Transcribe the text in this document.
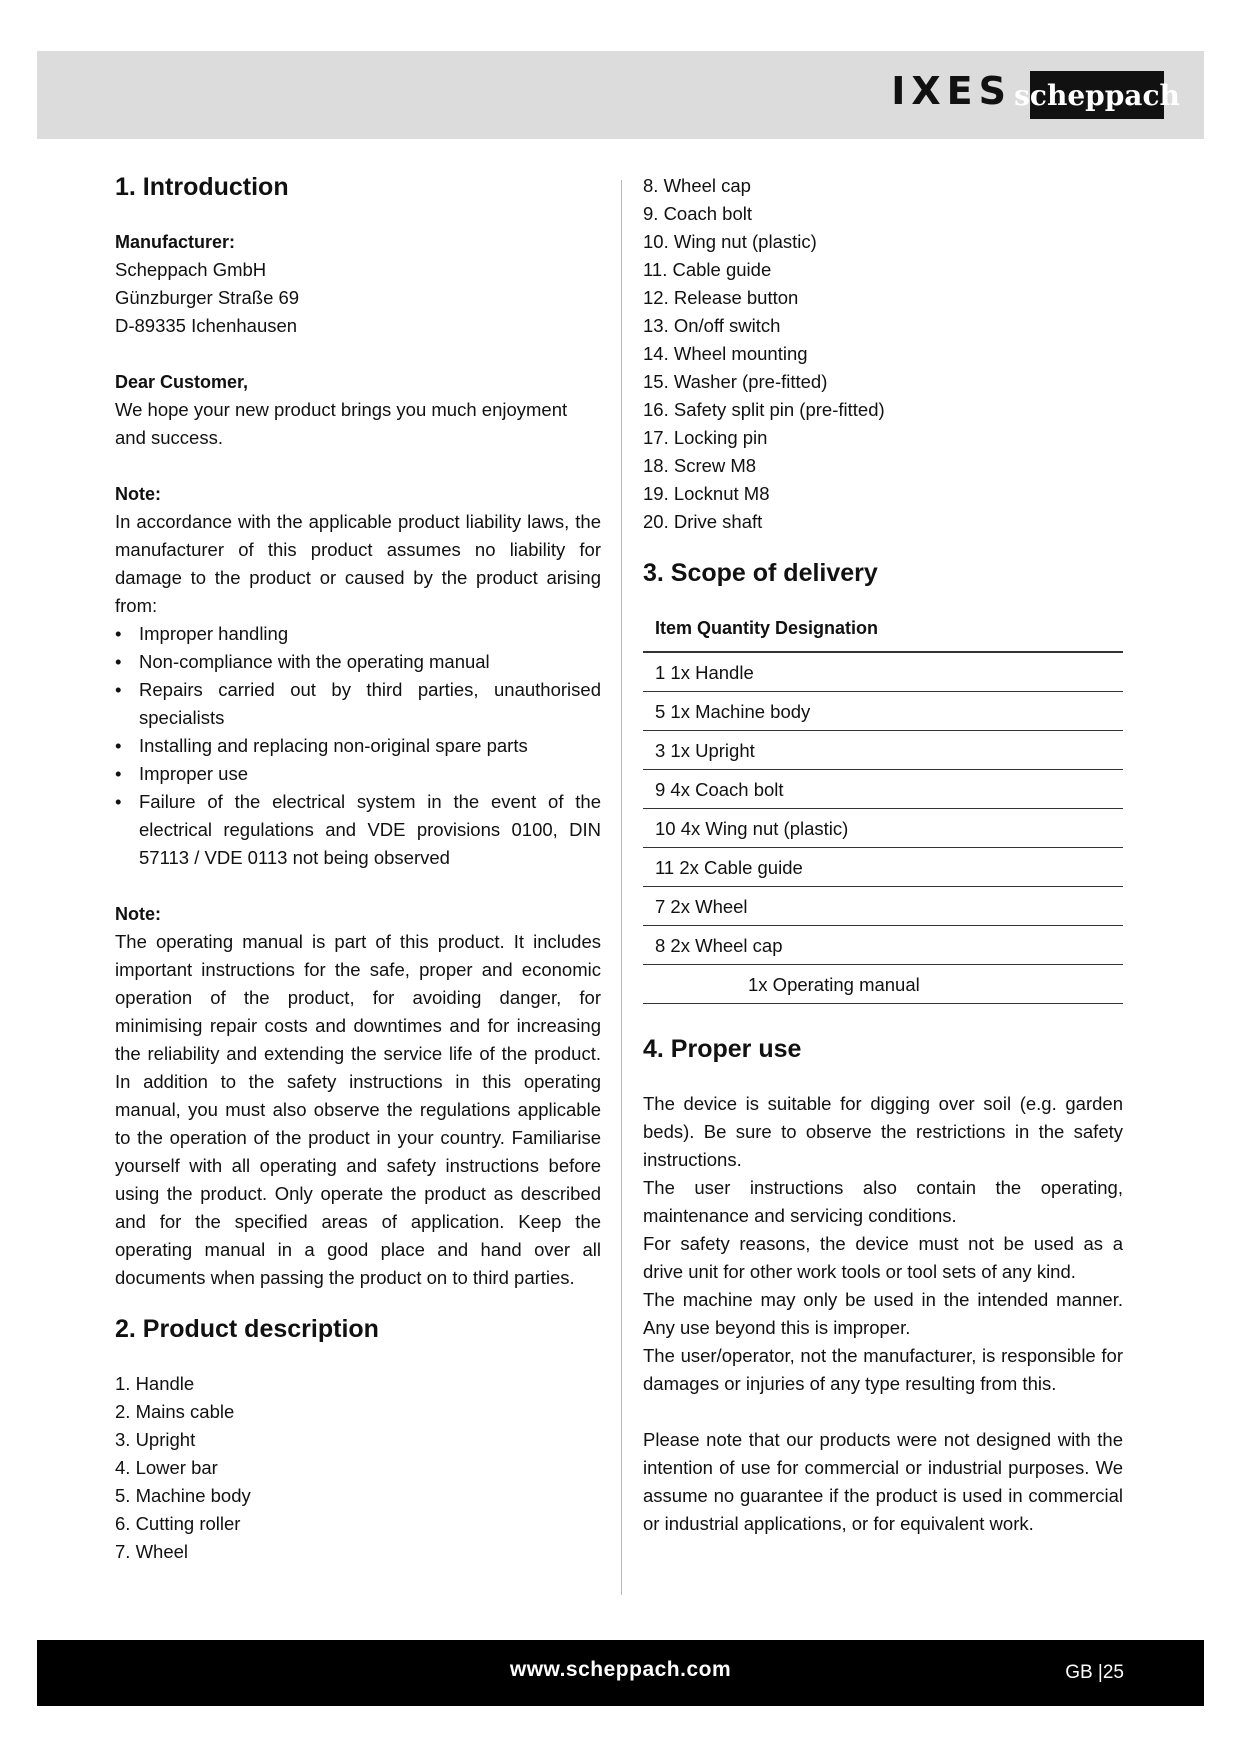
IXES scheppach
1. Introduction
Manufacturer:
Scheppach GmbH
Günzburger Straße 69
D-89335 Ichenhausen
Dear Customer,

We hope your new product brings you much enjoyment and success.

Note:

In accordance with the applicable product liability laws, the manufacturer of this product assumes no liability for damage to the product or caused by the product arising from:

• Improper handling
• Non-compliance with the operating manual
• Repairs carried out by third parties, unauthorised specialists
• Installing and replacing non-original spare parts
• Improper use
• Failure of the electrical system in the event of the electrical regulations and VDE provisions 0100, DIN 57113 / VDE 0113 not being observed
Note:

The operating manual is part of this product. It includes important instructions for the safe, proper and economic operation of the product, for avoiding danger, for minimising repair costs and downtimes and for increasing the reliability and extending the service life of the product. In addition to the safety instructions in this operating manual, you must also observe the regulations applicable to the operation of the product in your country. Familiarise yourself with all operating and safety instructions before using the product. Only operate the product as described and for the specified areas of application. Keep the operating manual in a good place and hand over all documents when passing the product on to third parties.

2. Product description
1. Handle
2. Mains cable
3. Upright
4. Lower bar
5. Machine body
6. Cutting roller
7. Wheel
8. Wheel cap
9. Coach bolt
10. Wing nut (plastic)
11. Cable guide
12. Release button
13. On/off switch
14. Wheel mounting
15. Washer (pre-fitted)
16. Safety split pin (pre-fitted)
17. Locking pin
18. Screw M8
19. Locknut M8
20. Drive shaft
3. Scope of delivery
Item Quantity Designation
1 1x Handle
5 1x Machine body
3 1x Upright
9 4x Coach bolt
10 4x Wing nut (plastic)
11 2x Cable guide
7 2x Wheel
8 2x Wheel cap
1x Operating manual
4. Proper use

The device is suitable for digging over soil (e.g. garden beds). Be sure to observe the restrictions in the safety instructions.

The user instructions also contain the operating, maintenance and servicing conditions.

For safety reasons, the device must not be used as a drive unit for other work tools or tool sets of any kind.

The machine may only be used in the intended manner. Any use beyond this is improper.

The user/operator, not the manufacturer, is responsible for damages or injuries of any type resulting from this.

Please note that our products were not designed with the intention of use for commercial or industrial purposes. We assume no guarantee if the product is used in commercial or industrial applications, or for equivalent work.

www.scheppach.com	GB |25
